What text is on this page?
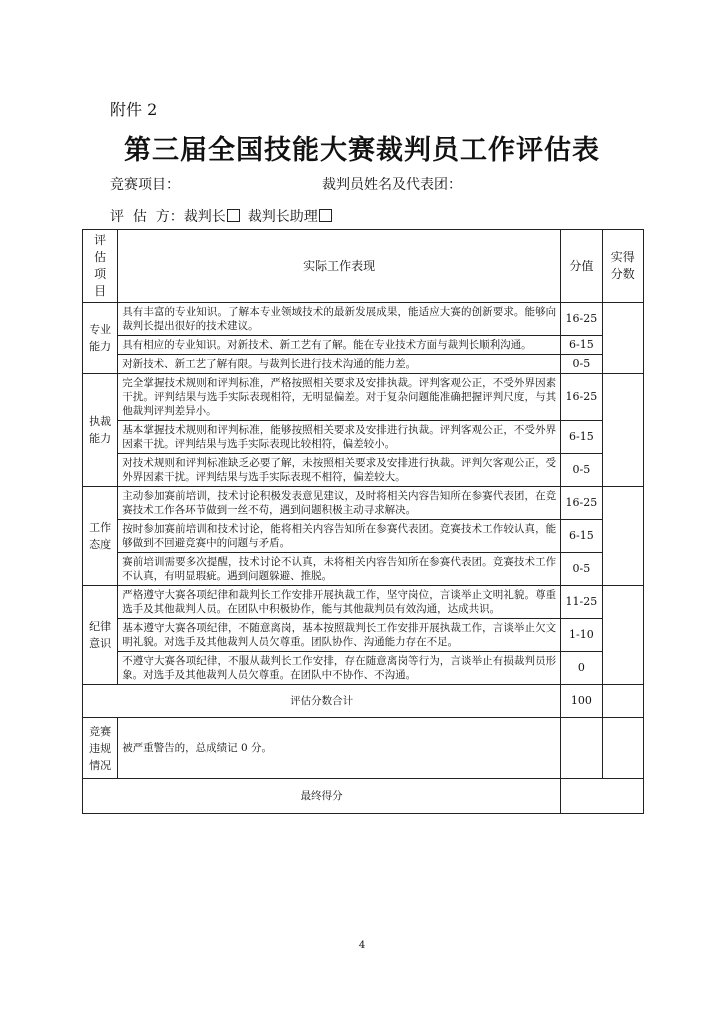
附件 2
第三届全国技能大赛裁判员工作评估表
竞赛项目：	裁判员姓名及代表团：
评  估  方：裁判长 裁判长助理
评估项目	实际工作表现	分值	实得分数
专业能力	具有丰富的专业知识。了解本专业领域技术的最新发展成果，能适应大赛的创新要求。能够向裁判长提出很好的技术建议。	16-25	
	具有相应的专业知识。对新技术、新工艺有了解。能在专业技术方面与裁判长顺利沟通。	6-15	
	对新技术、新工艺了解有限。与裁判长进行技术沟通的能力差。	0-5	
执裁能力	完全掌握技术规则和评判标准，严格按照相关要求及安排执裁。评判客观公正，不受外界因素干扰。评判结果与选手实际表现相符，无明显偏差。对于复杂问题能准确把握评判尺度，与其他裁判评判差异小。	16-25	
	基本掌握技术规则和评判标准，能够按照相关要求及安排进行执裁。评判客观公正，不受外界因素干扰。评判结果与选手实际表现比较相符，偏差较小。	6-15	
	对技术规则和评判标准缺乏必要了解，未按照相关要求及安排进行执裁。评判欠客观公正，受外界因素干扰。评判结果与选手实际表现不相符，偏差较大。	0-5	
工作态度	主动参加赛前培训，技术讨论积极发表意见建议，及时将相关内容告知所在参赛代表团，在竞赛技术工作各环节做到一丝不苟，遇到问题积极主动寻求解决。	16-25	
	按时参加赛前培训和技术讨论，能将相关内容告知所在参赛代表团。竞赛技术工作较认真，能够做到不回避竞赛中的问题与矛盾。	6-15	
	赛前培训需要多次提醒，技术讨论不认真，未将相关内容告知所在参赛代表团。竞赛技术工作不认真，有明显瑕疵。遇到问题躲避、推脱。	0-5	
纪律意识	严格遵守大赛各项纪律和裁判长工作安排开展执裁工作，坚守岗位，言谈举止文明礼貌。尊重选手及其他裁判人员。在团队中积极协作，能与其他裁判员有效沟通，达成共识。	11-25	
	基本遵守大赛各项纪律，不随意离岗，基本按照裁判长工作安排开展执裁工作，言谈举止欠文明礼貌。对选手及其他裁判人员欠尊重。团队协作、沟通能力存在不足。	1-10	
	不遵守大赛各项纪律，不服从裁判长工作安排，存在随意离岗等行为，言谈举止有损裁判员形象。对选手及其他裁判人员欠尊重。在团队中不协作、不沟通。	0	
评估分数合计		100	
竞赛违规情况	被严重警告的，总成绩记 0 分。		
最终得分			
4
